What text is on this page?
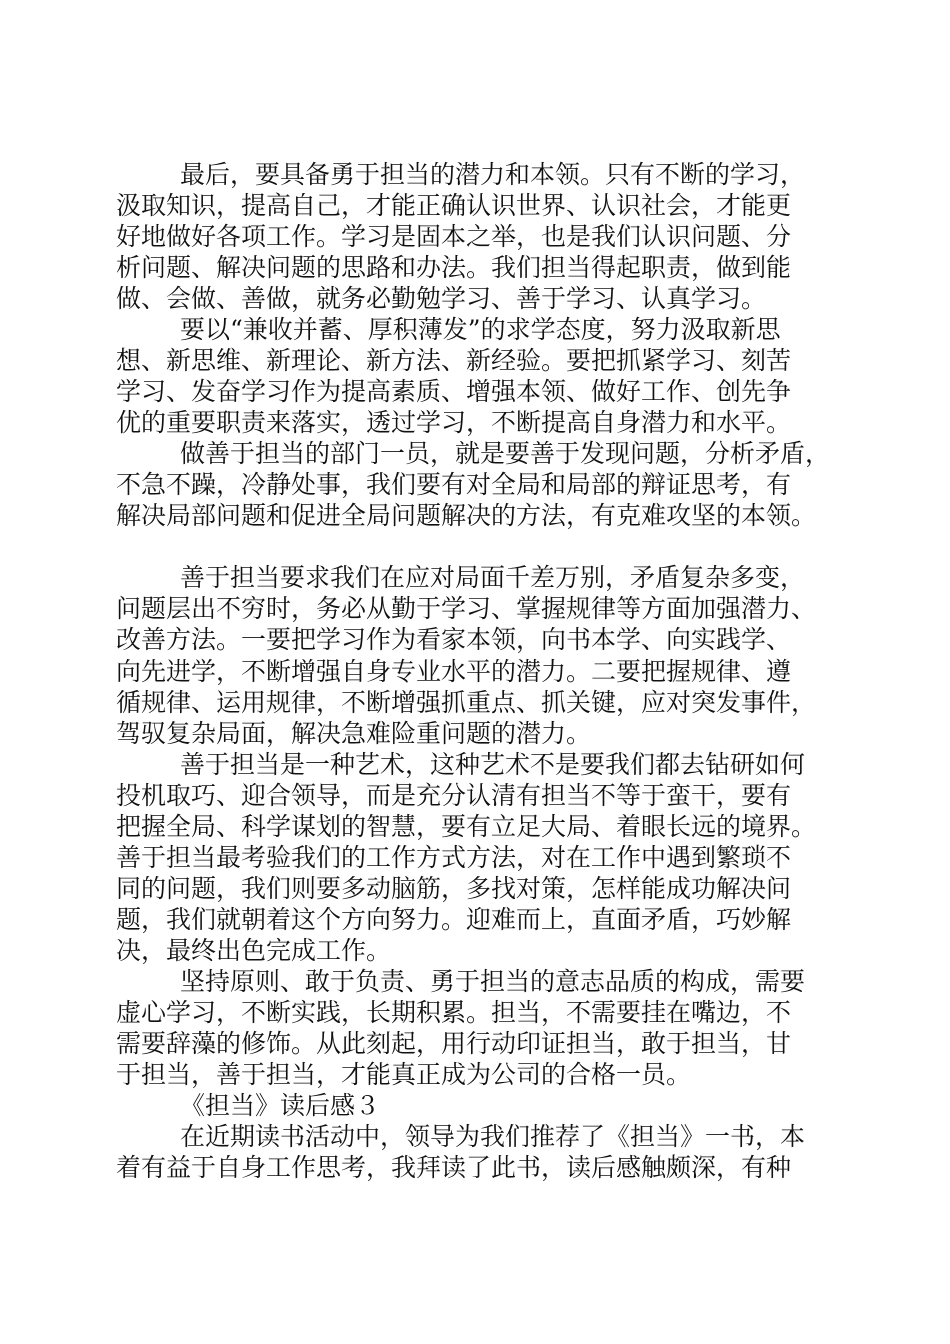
最后，要具备勇于担当的潜力和本领。只有不断的学习，
汲取知识，提高自己，才能正确认识世界、认识社会，才能更
好地做好各项工作。学习是固本之举，也是我们认识问题、分
析问题、解决问题的思路和办法。我们担当得起职责，做到能
做、会做、善做，就务必勤勉学习、善于学习、认真学习。
要以“兼收并蓄、厚积薄发”的求学态度，努力汲取新思
想、新思维、新理论、新方法、新经验。要把抓紧学习、刻苦
学习、发奋学习作为提高素质、增强本领、做好工作、创先争
优的重要职责来落实，透过学习，不断提高自身潜力和水平。
做善于担当的部门一员，就是要善于发现问题，分析矛盾，
不急不躁，冷静处事，我们要有对全局和局部的辩证思考，有
解决局部问题和促进全局问题解决的方法，有克难攻坚的本领。
善于担当要求我们在应对局面千差万别，矛盾复杂多变，
问题层出不穷时，务必从勤于学习、掌握规律等方面加强潜力、
改善方法。一要把学习作为看家本领，向书本学、向实践学、
向先进学，不断增强自身专业水平的潜力。二要把握规律、遵
循规律、运用规律，不断增强抓重点、抓关键，应对突发事件，
驾驭复杂局面，解决急难险重问题的潜力。
善于担当是一种艺术，这种艺术不是要我们都去钻研如何
投机取巧、迎合领导，而是充分认清有担当不等于蛮干，要有
把握全局、科学谋划的智慧，要有立足大局、着眼长远的境界。
善于担当最考验我们的工作方式方法，对在工作中遇到繁琐不
同的问题，我们则要多动脑筋，多找对策，怎样能成功解决问
题，我们就朝着这个方向努力。迎难而上，直面矛盾，巧妙解
决，最终出色完成工作。
坚持原则、敢于负责、勇于担当的意志品质的构成，需要
虚心学习，不断实践，长期积累。担当，不需要挂在嘴边，不
需要辞藻的修饰。从此刻起，用行动印证担当，敢于担当，甘
于担当，善于担当，才能真正成为公司的合格一员。
《担当》读后感３
在近期读书活动中，领导为我们推荐了《担当》一书，本
着有益于自身工作思考，我拜读了此书，读后感触颇深，有种
